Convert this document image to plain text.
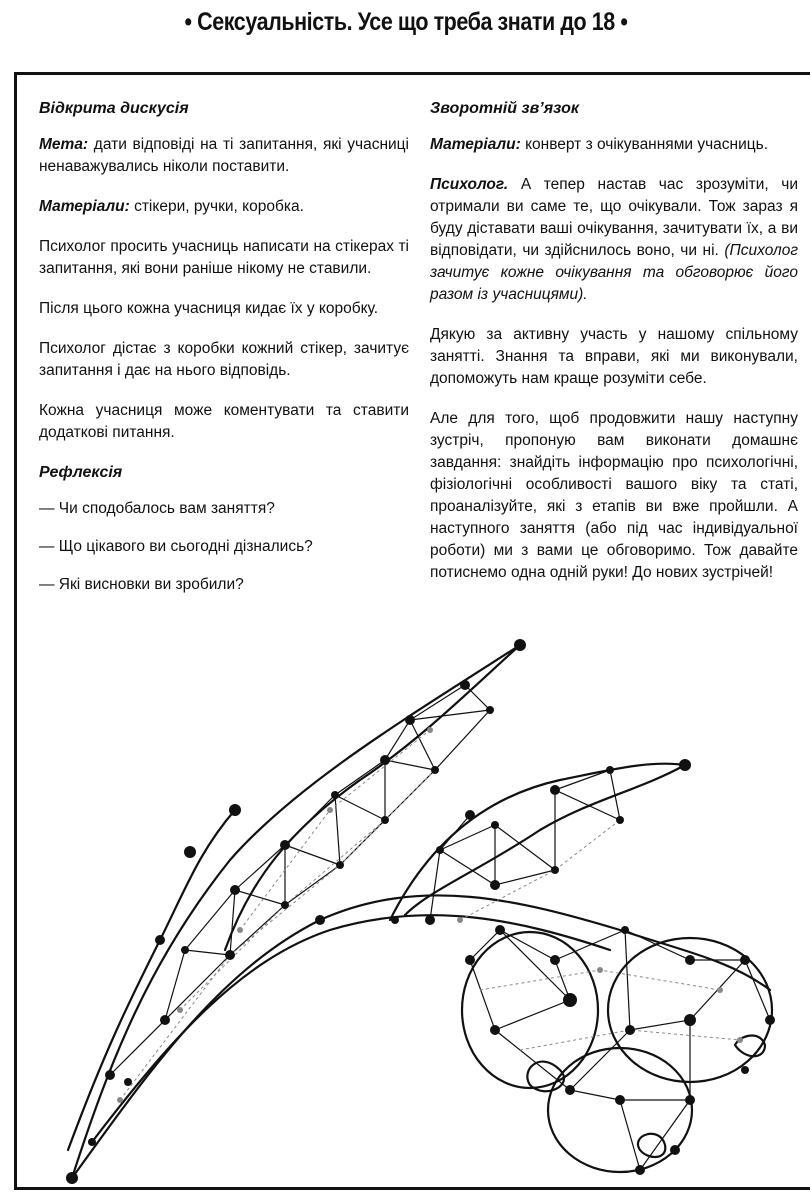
• Сексуальність. Усе що треба знати до 18 •
Відкрита дискусія
Мета: дати відповіді на ті запитання, які учасниці ненаважувались ніколи поставити.
Матеріали: стікери, ручки, коробка.
Психолог просить учасниць написати на стікерах ті запитання, які вони раніше нікому не ставили.
Після цього кожна учасниця кидає їх у коробку.
Психолог дістає з коробки кожний стікер, зачитує запитання і дає на нього відповідь.
Кожна учасниця може коментувати та ставити додаткові питання.
Рефлексія
— Чи сподобалось вам заняття?
— Що цікавого ви сьогодні дізнались?
— Які висновки ви зробили?
Зворотній зв’язок
Матеріали: конверт з очікуваннями учасниць.
Психолог. А тепер настав час зрозуміти, чи отримали ви саме те, що очікували. Тож зараз я буду діставати ваші очікування, зачитувати їх, а ви відповідати, чи здійснилось воно, чи ні. (Психолог зачитує кожне очікування та обговорює його разом із учасницями).
Дякую за активну участь у нашому спільному занятті. Знання та вправи, які ми виконували, допоможуть нам краще розуміти себе.
Але для того, щоб продовжити нашу наступну зустріч, пропоную вам виконати домашнє завдання: знайдіть інформацію про психологічні, фізіологічні особливості вашого віку та статі, проаналізуйте, які з етапів ви вже пройшли. А наступного заняття (або під час індивідуальної роботи) ми з вами це обговоримо. Тож давайте потиснемо одна одній руки! До нових зустрічей!
